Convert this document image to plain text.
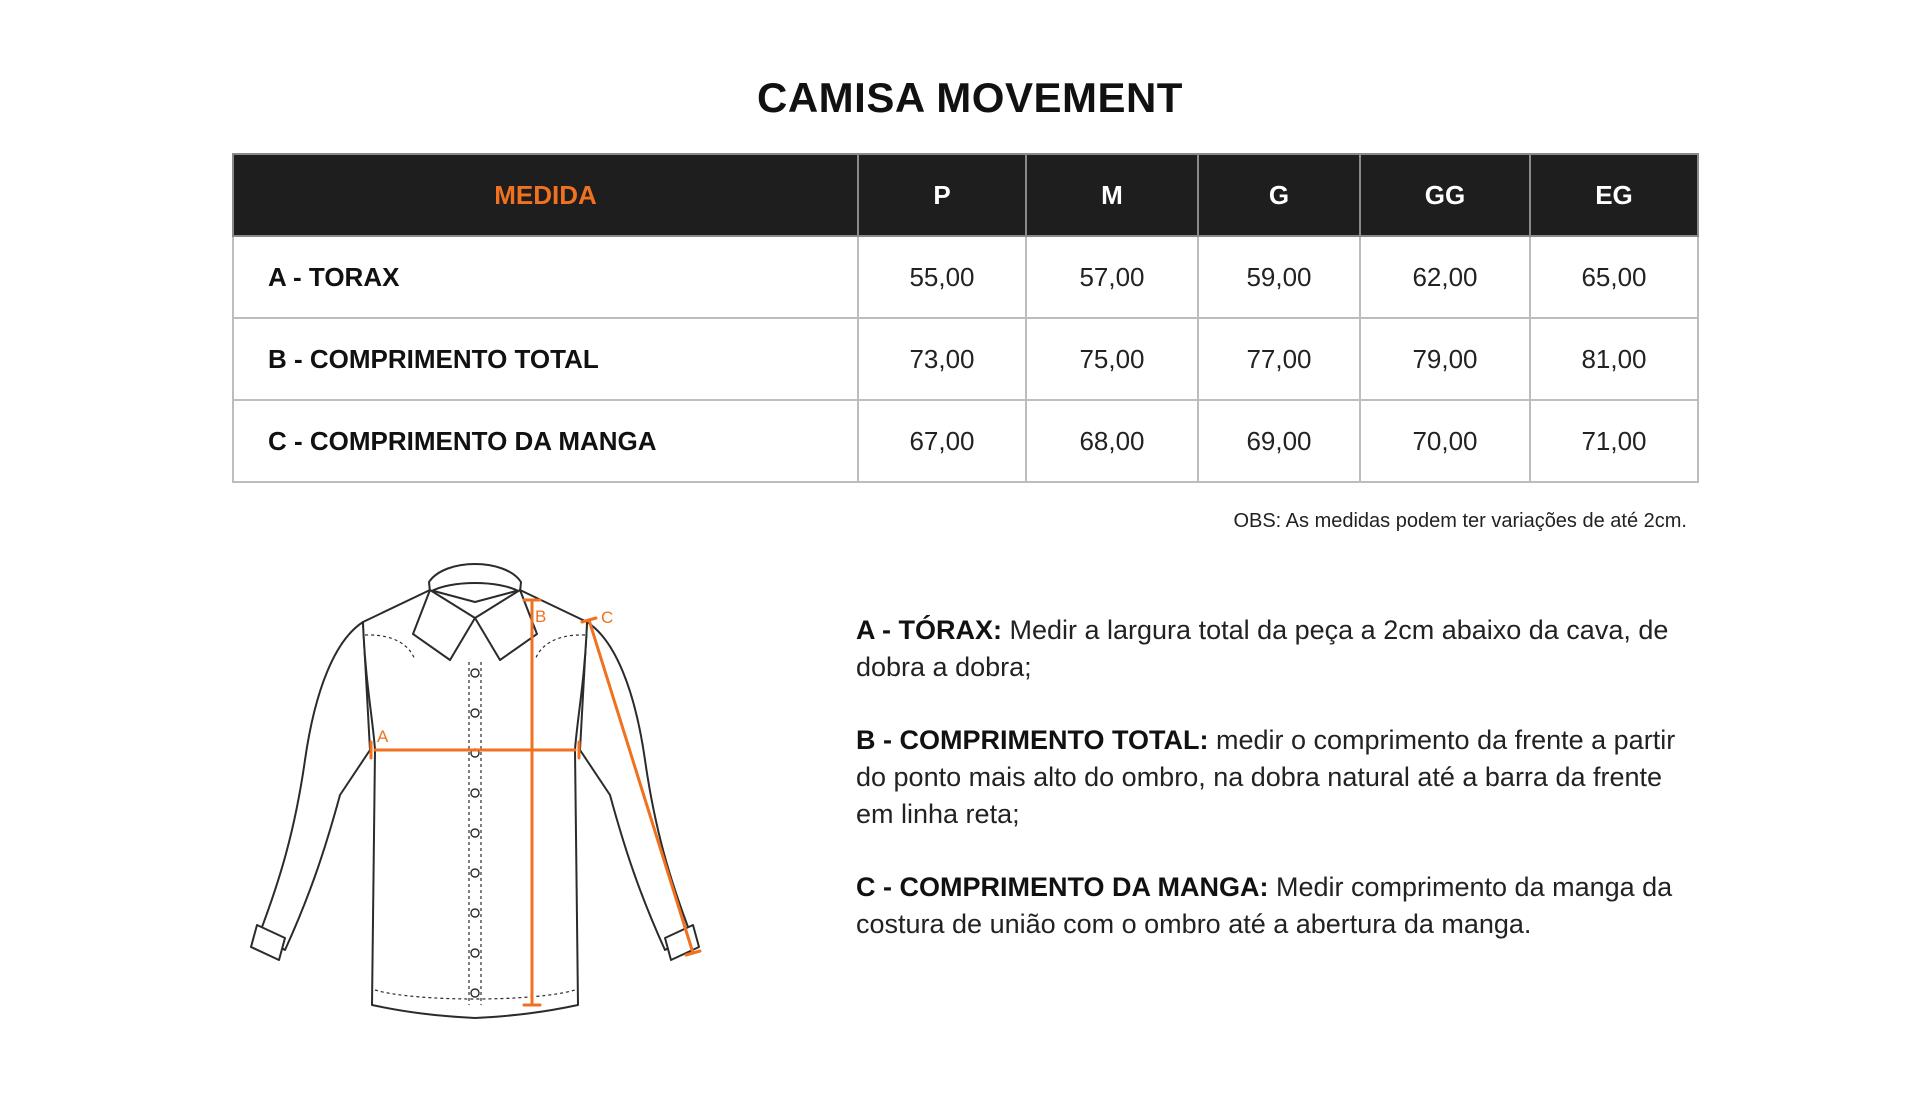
CAMISA MOVEMENT
MEDIDA	P	M	G	GG	EG
A - TORAX	55,00	57,00	59,00	62,00	65,00
B - COMPRIMENTO TOTAL	73,00	75,00	77,00	79,00	81,00
C - COMPRIMENTO DA MANGA	67,00	68,00	69,00	70,00	71,00
OBS: As medidas podem ter variações de até 2cm.
A
B	C	A - TÓRAX: Medir a largura total da peça a 2cm abaixo da cava, de dobra a dobra;

B - COMPRIMENTO TOTAL: medir o comprimento da frente a partir do ponto mais alto do ombro, na dobra natural até a barra da frente em linha reta;

C - COMPRIMENTO DA MANGA: Medir comprimento da manga da costura de união com o ombro até a abertura da manga.
